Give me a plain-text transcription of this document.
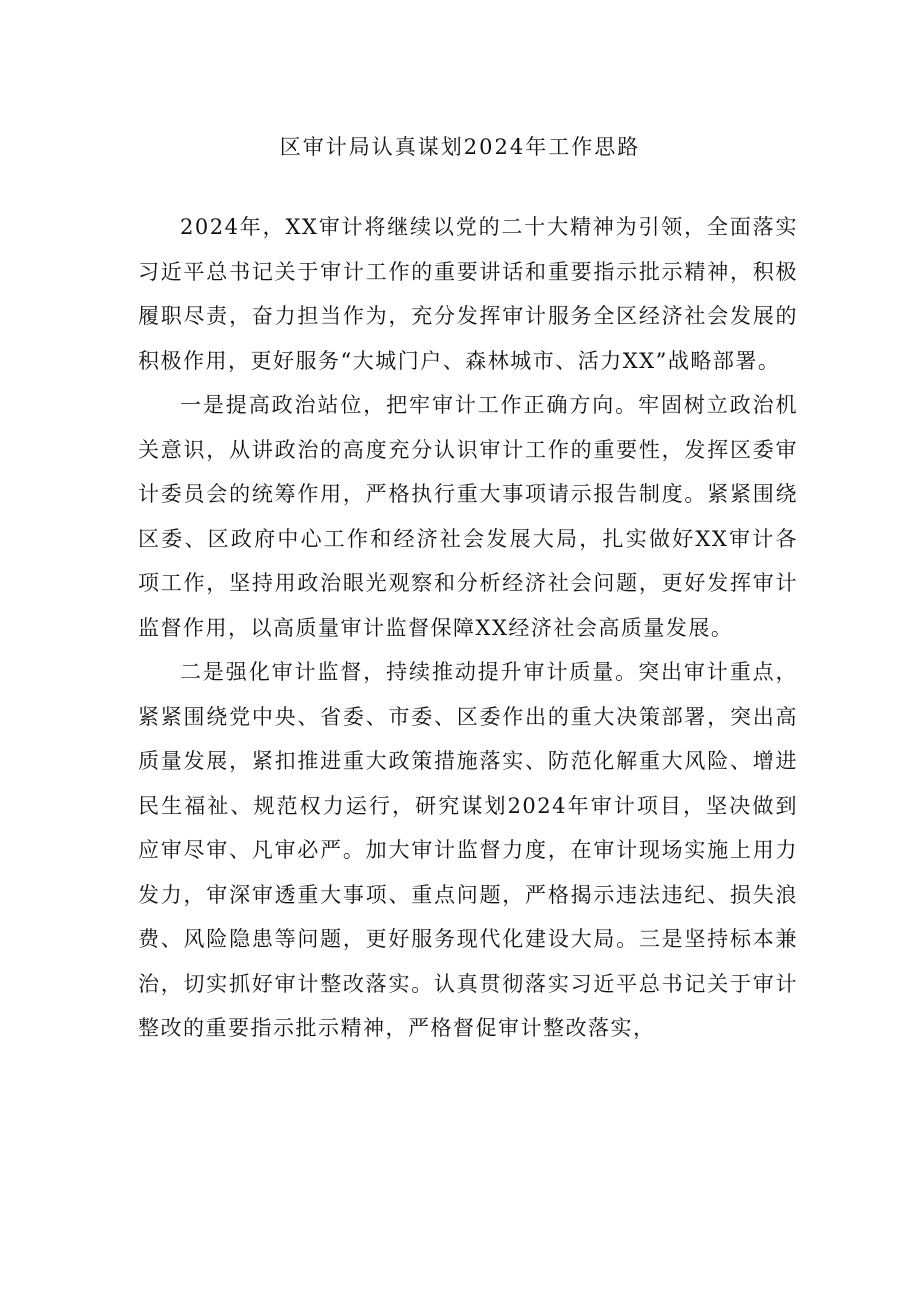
区审计局认真谋划2024年工作思路

2024年，XX审计将继续以党的二十大精神为引领，全面落实习近平总书记关于审计工作的重要讲话和重要指示批示精神，积极履职尽责，奋力担当作为，充分发挥审计服务全区经济社会发展的积极作用，更好服务“大城门户、森林城市、活力XX”战略部署。

一是提高政治站位，把牢审计工作正确方向。牢固树立政治机关意识，从讲政治的高度充分认识审计工作的重要性，发挥区委审计委员会的统筹作用，严格执行重大事项请示报告制度。紧紧围绕区委、区政府中心工作和经济社会发展大局，扎实做好XX审计各项工作，坚持用政治眼光观察和分析经济社会问题，更好发挥审计监督作用，以高质量审计监督保障XX经济社会高质量发展。

二是强化审计监督，持续推动提升审计质量。突出审计重点，紧紧围绕党中央、省委、市委、区委作出的重大决策部署，突出高质量发展，紧扣推进重大政策措施落实、防范化解重大风险、增进民生福祉、规范权力运行，研究谋划2024年审计项目，坚决做到应审尽审、凡审必严。加大审计监督力度，在审计现场实施上用力发力，审深审透重大事项、重点问题，严格揭示违法违纪、损失浪费、风险隐患等问题，更好服务现代化建设大局。三是坚持标本兼治，切实抓好审计整改落实。认真贯彻落实习近平总书记关于审计整改的重要指示批示精神，严格督促审计整改落实，
